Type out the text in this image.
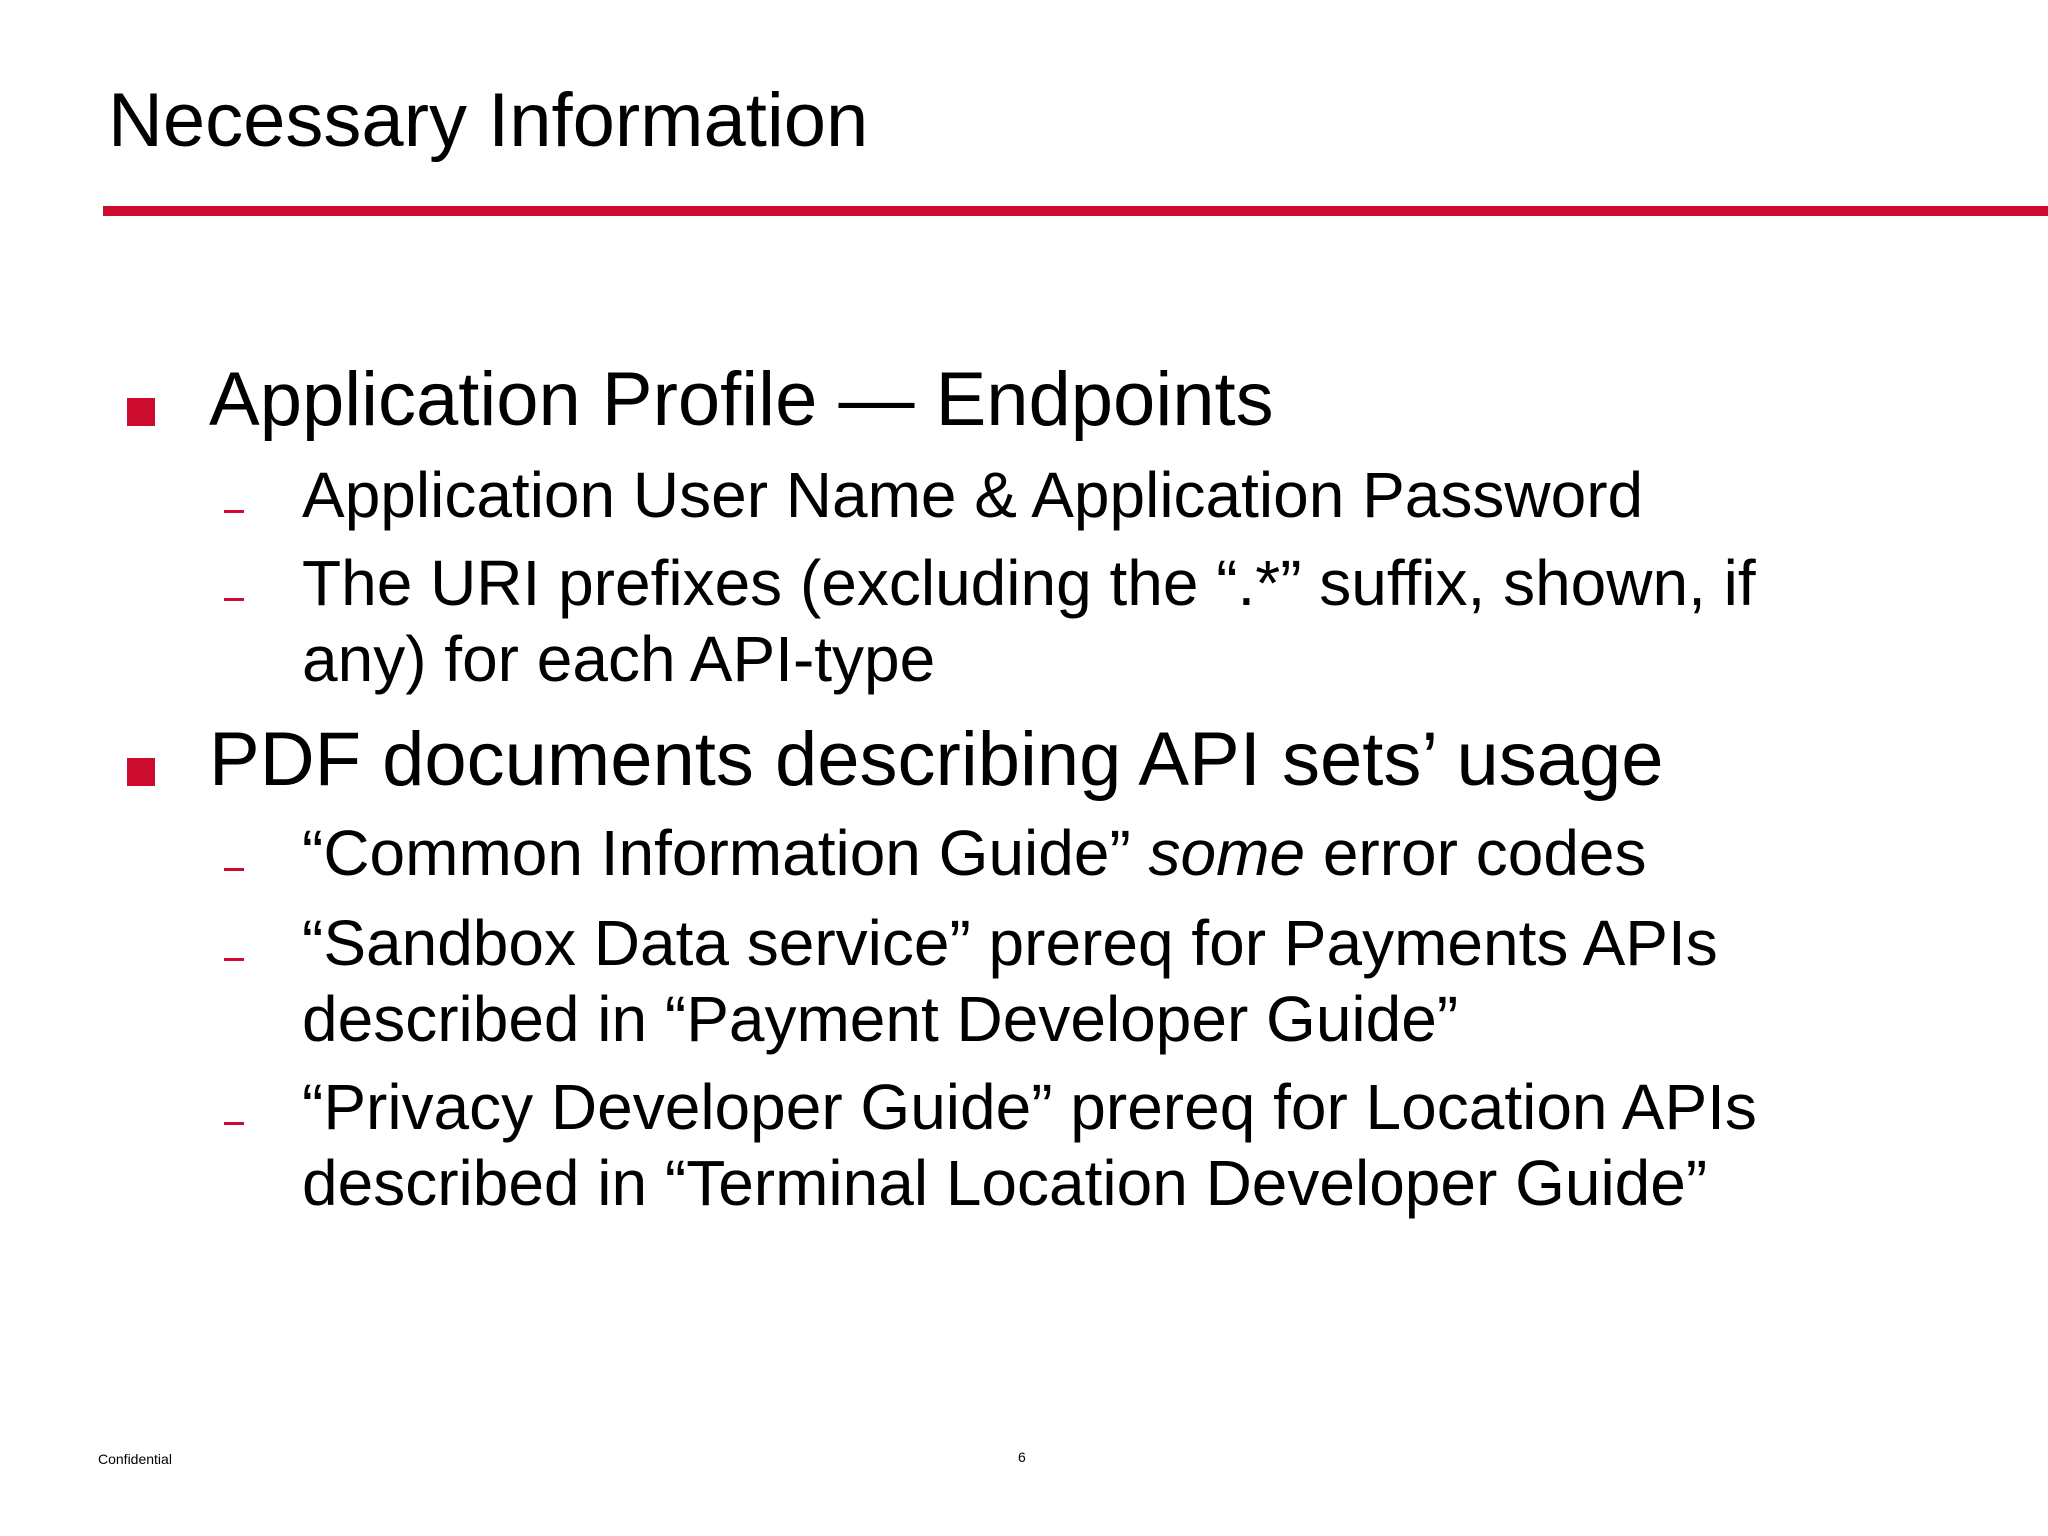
Necessary Information
Application Profile — Endpoints
Application User Name & Application Password
The URI prefixes (excluding the “.*” suffix, shown, if
any) for each API-type
PDF documents describing API sets’ usage
“Common Information Guide” some error codes
“Sandbox Data service” prereq for Payments APIs
described in “Payment Developer Guide”
“Privacy Developer Guide” prereq for Location APIs
described in “Terminal Location Developer Guide”
Confidential	6
